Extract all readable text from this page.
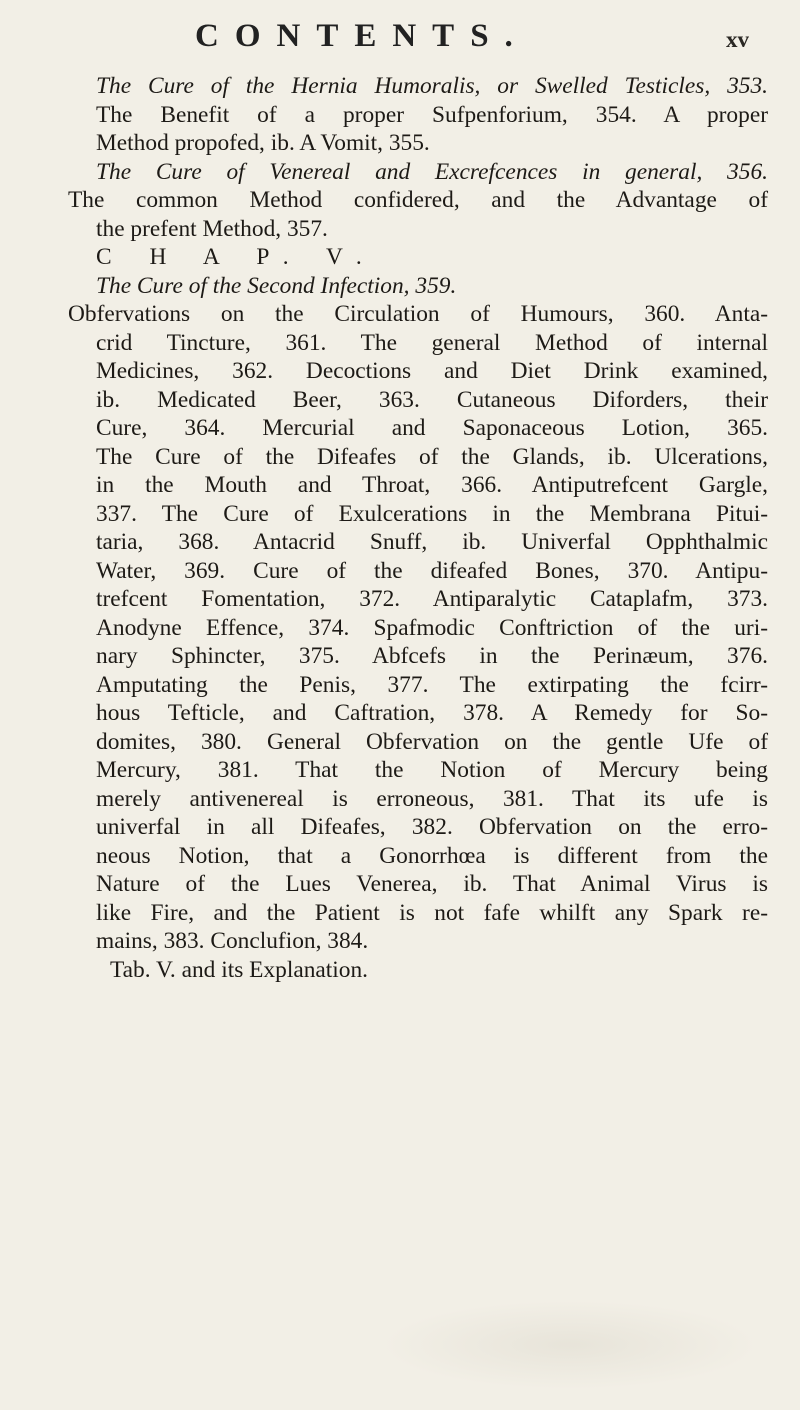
CONTENTS.	xv
The Cure of the Hernia Humoralis, or Swelled Testicles, 353.
The Benefit of a proper Sufpenforium, 354. A proper
Method propofed, ib. A Vomit, 355.
The Cure of Venereal and Excrefcences in general, 356.
The common Method confidered, and the Advantage of
the prefent Method, 357.
C H A P. V.
The Cure of the Second Infection, 359.
Obfervations on the Circulation of Humours, 360. Anta-
crid Tincture, 361. The general Method of internal
Medicines, 362. Decoctions and Diet Drink examined,
ib. Medicated Beer, 363. Cutaneous Diforders, their
Cure, 364. Mercurial and Saponaceous Lotion, 365.
The Cure of the Difeafes of the Glands, ib. Ulcerations,
in the Mouth and Throat, 366. Antiputrefcent Gargle,
337. The Cure of Exulcerations in the Membrana Pitui-
taria, 368. Antacrid Snuff, ib. Univerfal Opphthalmic
Water, 369. Cure of the difeafed Bones, 370. Antipu-
trefcent Fomentation, 372. Antiparalytic Cataplafm, 373.
Anodyne Effence, 374. Spafmodic Conftriction of the uri-
nary Sphincter, 375. Abfcefs in the Perinæum, 376.
Amputating the Penis, 377. The extirpating the fcirr-
hous Tefticle, and Caftration, 378. A Remedy for So-
domites, 380. General Obfervation on the gentle Ufe of
Mercury, 381. That the Notion of Mercury being
merely antivenereal is erroneous, 381. That its ufe is
univerfal in all Difeafes, 382. Obfervation on the erro-
neous Notion, that a Gonorrhœa is different from the
Nature of the Lues Venerea, ib. That Animal Virus is
like Fire, and the Patient is not fafe whilft any Spark re-
mains, 383. Conclufion, 384.
Tab. V. and its Explanation.
